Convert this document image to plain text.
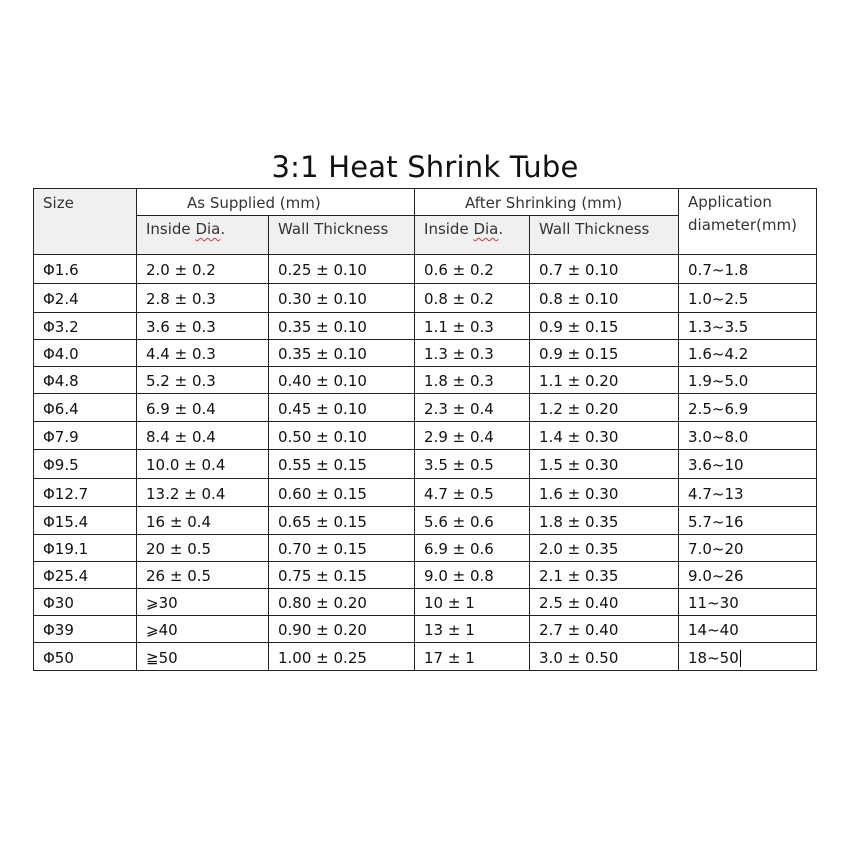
3:1 Heat Shrink Tube
Size	As Supplied (mm)		After Shrinking (mm)		Application
diameter(mm)
	Inside Dia.	Wall Thickness	Inside Dia.	Wall Thickness	
Φ1.6	2.0 ± 0.2	0.25 ± 0.10	0.6 ± 0.2	0.7 ± 0.10	0.7~1.8
Φ2.4	2.8 ± 0.3	0.30 ± 0.10	0.8 ± 0.2	0.8 ± 0.10	1.0~2.5
Φ3.2	3.6 ± 0.3	0.35 ± 0.10	1.1 ± 0.3	0.9 ± 0.15	1.3~3.5
Φ4.0	4.4 ± 0.3	0.35 ± 0.10	1.3 ± 0.3	0.9 ± 0.15	1.6~4.2
Φ4.8	5.2 ± 0.3	0.40 ± 0.10	1.8 ± 0.3	1.1 ± 0.20	1.9~5.0
Φ6.4	6.9 ± 0.4	0.45 ± 0.10	2.3 ± 0.4	1.2 ± 0.20	2.5~6.9
Φ7.9	8.4 ± 0.4	0.50 ± 0.10	2.9 ± 0.4	1.4 ± 0.30	3.0~8.0
Φ9.5	10.0 ± 0.4	0.55 ± 0.15	3.5 ± 0.5	1.5 ± 0.30	3.6~10
Φ12.7	13.2 ± 0.4	0.60 ± 0.15	4.7 ± 0.5	1.6 ± 0.30	4.7~13
Φ15.4	16 ± 0.4	0.65 ± 0.15	5.6 ± 0.6	1.8 ± 0.35	5.7~16
Φ19.1	20 ± 0.5	0.70 ± 0.15	6.9 ± 0.6	2.0 ± 0.35	7.0~20
Φ25.4	26 ± 0.5	0.75 ± 0.15	9.0 ± 0.8	2.1 ± 0.35	9.0~26
Φ30	⩾30	0.80 ± 0.20	10 ± 1	2.5 ± 0.40	11~30
Φ39	⩾40	0.90 ± 0.20	13 ± 1	2.7 ± 0.40	14~40
Φ50	≧50	1.00 ± 0.25	17 ± 1	3.0 ± 0.50	18~50
